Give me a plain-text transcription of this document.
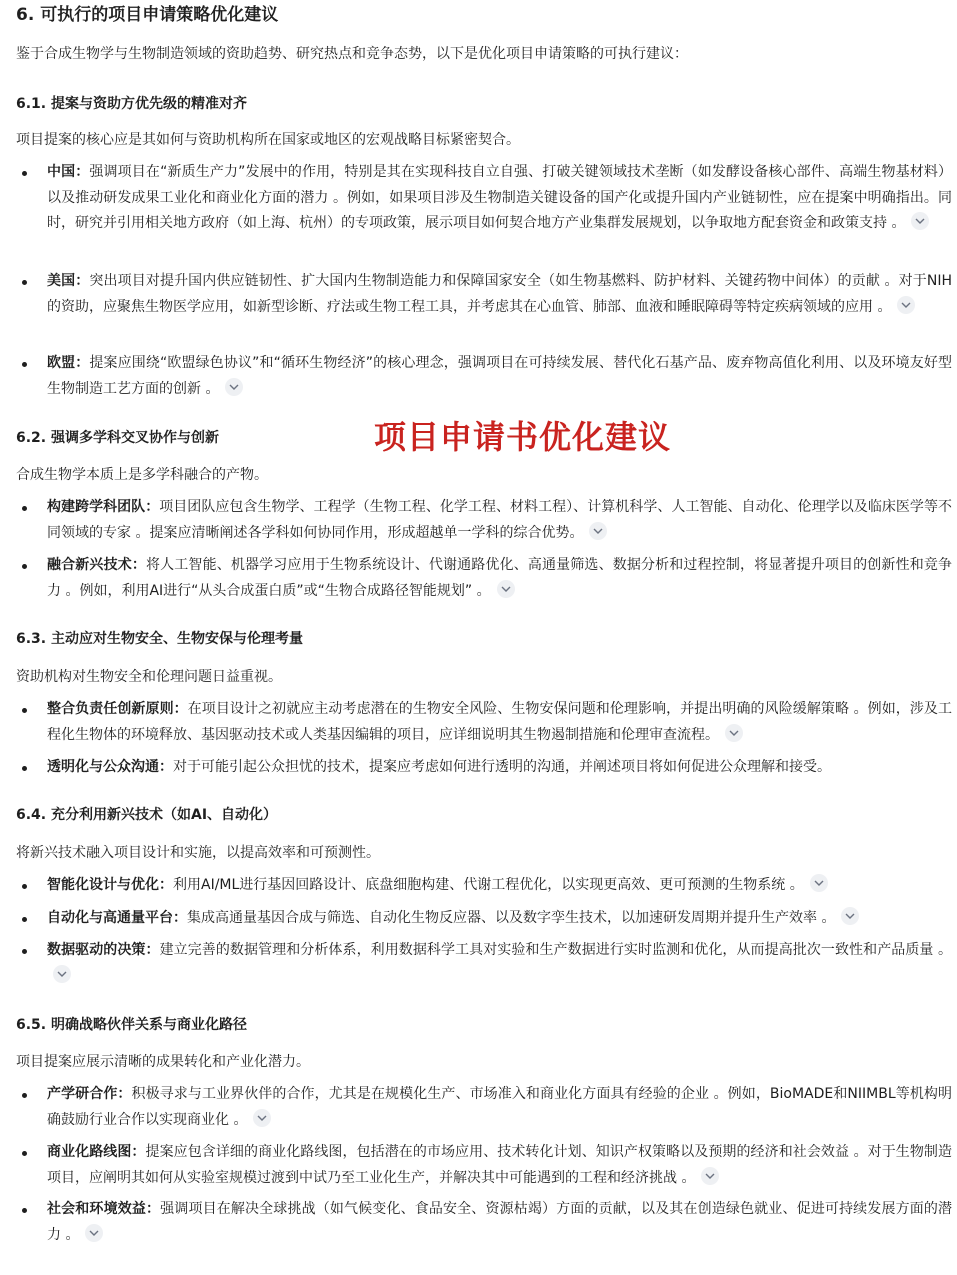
6. 可执行的项目申请策略优化建议

鉴于合成生物学与生物制造领域的资助趋势、研究热点和竞争态势，以下是优化项目申请策略的可执行建议：

6.1. 提案与资助方优先级的精准对齐

项目提案的核心应是其如何与资助机构所在国家或地区的宏观战略目标紧密契合。

中国：强调项目在“新质生产力”发展中的作用，特别是其在实现科技自立自强、打破关键领域技术垄断（如发酵设备核心部件、高端生物基材料）以及推动研发成果工业化和商业化方面的潜力 。例如，如果项目涉及生物制造关键设备的国产化或提升国内产业链韧性，应在提案中明确指出。同时，研究并引用相关地方政府（如上海、杭州）的专项政策，展示项目如何契合地方产业集群发展规划，以争取地方配套资金和政策支持 。
美国：突出项目对提升国内供应链韧性、扩大国内生物制造能力和保障国家安全（如生物基燃料、防护材料、关键药物中间体）的贡献 。对于NIH的资助，应聚焦生物医学应用，如新型诊断、疗法或生物工程工具，并考虑其在心血管、肺部、血液和睡眠障碍等特定疾病领域的应用 。
欧盟：提案应围绕“欧盟绿色协议”和“循环生物经济”的核心理念，强调项目在可持续发展、替代化石基产品、废弃物高值化利用、以及环境友好型生物制造工艺方面的创新 。

6.2. 强调多学科交叉协作与创新	项目申请书优化建议

合成生物学本质上是多学科融合的产物。

构建跨学科团队：项目团队应包含生物学、工程学（生物工程、化学工程、材料工程）、计算机科学、人工智能、自动化、伦理学以及临床医学等不同领域的专家 。提案应清晰阐述各学科如何协同作用，形成超越单一学科的综合优势。
融合新兴技术：将人工智能、机器学习应用于生物系统设计、代谢通路优化、高通量筛选、数据分析和过程控制，将显著提升项目的创新性和竞争力 。例如，利用AI进行“从头合成蛋白质”或“生物合成路径智能规划” 。

6.3. 主动应对生物安全、生物安保与伦理考量

资助机构对生物安全和伦理问题日益重视。

整合负责任创新原则：在项目设计之初就应主动考虑潜在的生物安全风险、生物安保问题和伦理影响，并提出明确的风险缓解策略 。例如，涉及工程化生物体的环境释放、基因驱动技术或人类基因编辑的项目，应详细说明其生物遏制措施和伦理审查流程。
透明化与公众沟通：对于可能引起公众担忧的技术，提案应考虑如何进行透明的沟通，并阐述项目将如何促进公众理解和接受。

6.4. 充分利用新兴技术（如AI、自动化）

将新兴技术融入项目设计和实施，以提高效率和可预测性。

智能化设计与优化：利用AI/ML进行基因回路设计、底盘细胞构建、代谢工程优化，以实现更高效、更可预测的生物系统 。
自动化与高通量平台：集成高通量基因合成与筛选、自动化生物反应器、以及数字孪生技术，以加速研发周期并提升生产效率 。
数据驱动的决策：建立完善的数据管理和分析体系，利用数据科学工具对实验和生产数据进行实时监测和优化，从而提高批次一致性和产品质量 。

6.5. 明确战略伙伴关系与商业化路径

项目提案应展示清晰的成果转化和产业化潜力。

产学研合作：积极寻求与工业界伙伴的合作，尤其是在规模化生产、市场准入和商业化方面具有经验的企业 。例如，BioMADE和NIIMBL等机构明确鼓励行业合作以实现商业化 。
商业化路线图：提案应包含详细的商业化路线图，包括潜在的市场应用、技术转化计划、知识产权策略以及预期的经济和社会效益 。对于生物制造项目，应阐明其如何从实验室规模过渡到中试乃至工业化生产，并解决其中可能遇到的工程和经济挑战 。
社会和环境效益：强调项目在解决全球挑战（如气候变化、食品安全、资源枯竭）方面的贡献，以及其在创造绿色就业、促进可持续发展方面的潜力 。
